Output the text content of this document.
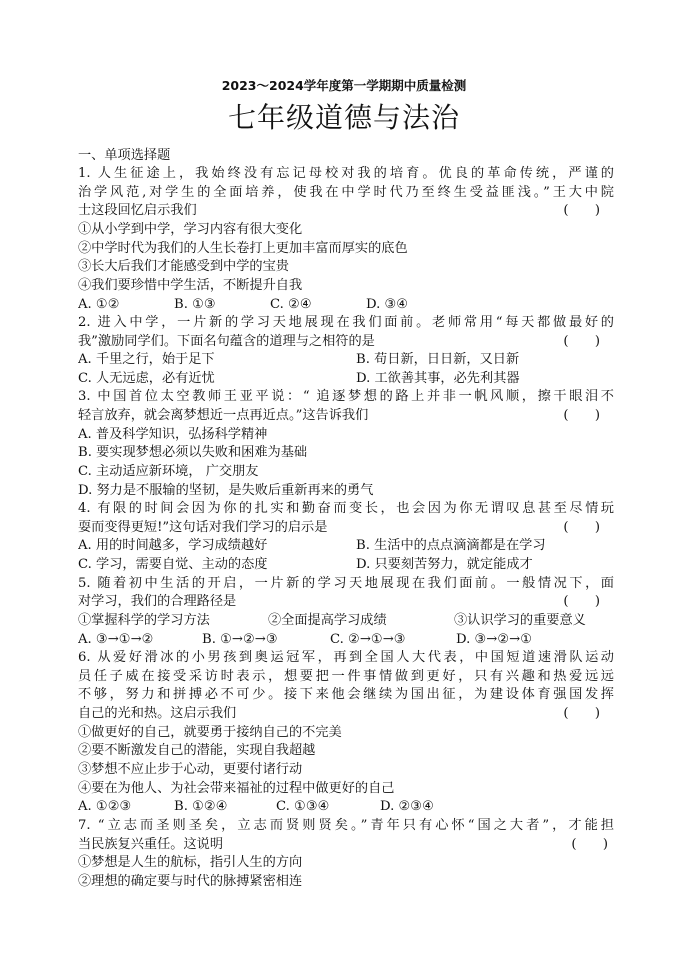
2023～2024学年度第一学期期中质量检测
七年级道德与法治
一、单项选择题
1. 人生征途上，我始终没有忘记母校对我的培育。优良的革命传统，严谨的
治学风范,对学生的全面培养，使我在中学时代乃至终生受益匪浅。”王大中院
士这段回忆启示我们	(　　)
①从小学到中学，学习内容有很大变化
②中学时代为我们的人生长卷打上更加丰富而厚实的底色
③长大后我们才能感受到中学的宝贵
④我们要珍惜中学生活，不断提升自我
A. ①②	B. ①③	C. ②④	D. ③④
2. 进入中学，一片新的学习天地展现在我们面前。老师常用“每天都做最好的
我”激励同学们。下面名句蕴含的道理与之相符的是	(　　)
A. 千里之行，始于足下	B. 苟日新，日日新，又日新
C. 人无远虑，必有近忧	D. 工欲善其事，必先利其器
3. 中国首位太空教师王亚平说：“ 追逐梦想的路上并非一帆风顺，擦干眼泪不
轻言放弃，就会离梦想近一点再近点。”这告诉我们	(　　)
A. 普及科学知识，弘扬科学精神
B. 要实现梦想必须以失败和困难为基础
C. 主动适应新环境， 广交朋友
D. 努力是不服输的坚韧，是失败后重新再来的勇气
4. 有限的时间会因为你的扎实和勤奋而变长，也会因为你无谓叹息甚至尽情玩
耍而变得更短!”这句话对我们学习的启示是	(　　)
A. 用的时间越多，学习成绩越好	B. 生活中的点点滴滴都是在学习
C. 学习，需要自觉、主动的态度	D. 只要刻苦努力，就定能成才
5. 随着初中生活的开启，一片新的学习天地展现在我们面前。一般情况下，面
对学习，我们的合理路径是	(　　)
①掌握科学的学习方法	②全面提高学习成绩	③认识学习的重要意义
A. ③→①→②	B. ①→②→③	C. ②→①→③	D. ③→②→①
6. 从爱好滑冰的小男孩到奥运冠军，再到全国人大代表，中国短道速滑队运动
员任子威在接受采访时表示，想要把一件事情做到更好，只有兴趣和热爱远远
不够，努力和拼搏必不可少。接下来他会继续为国出征，为建设体育强国发挥
自己的光和热。这启示我们	(　　)
①做更好的自己，就要勇于接纳自己的不完美
②要不断激发自己的潜能，实现自我超越
③梦想不应止步于心动，更要付诸行动
④要在为他人、为社会带来福祉的过程中做更好的自己
A. ①②③	B. ①②④	C. ①③④	D. ②③④
7. “立志而圣则圣矣，立志而贤则贤矣。”青年只有心怀“国之大者”，才能担
当民族复兴重任。这说明	(　　)
①梦想是人生的航标，指引人生的方向
②理想的确定要与时代的脉搏紧密相连
